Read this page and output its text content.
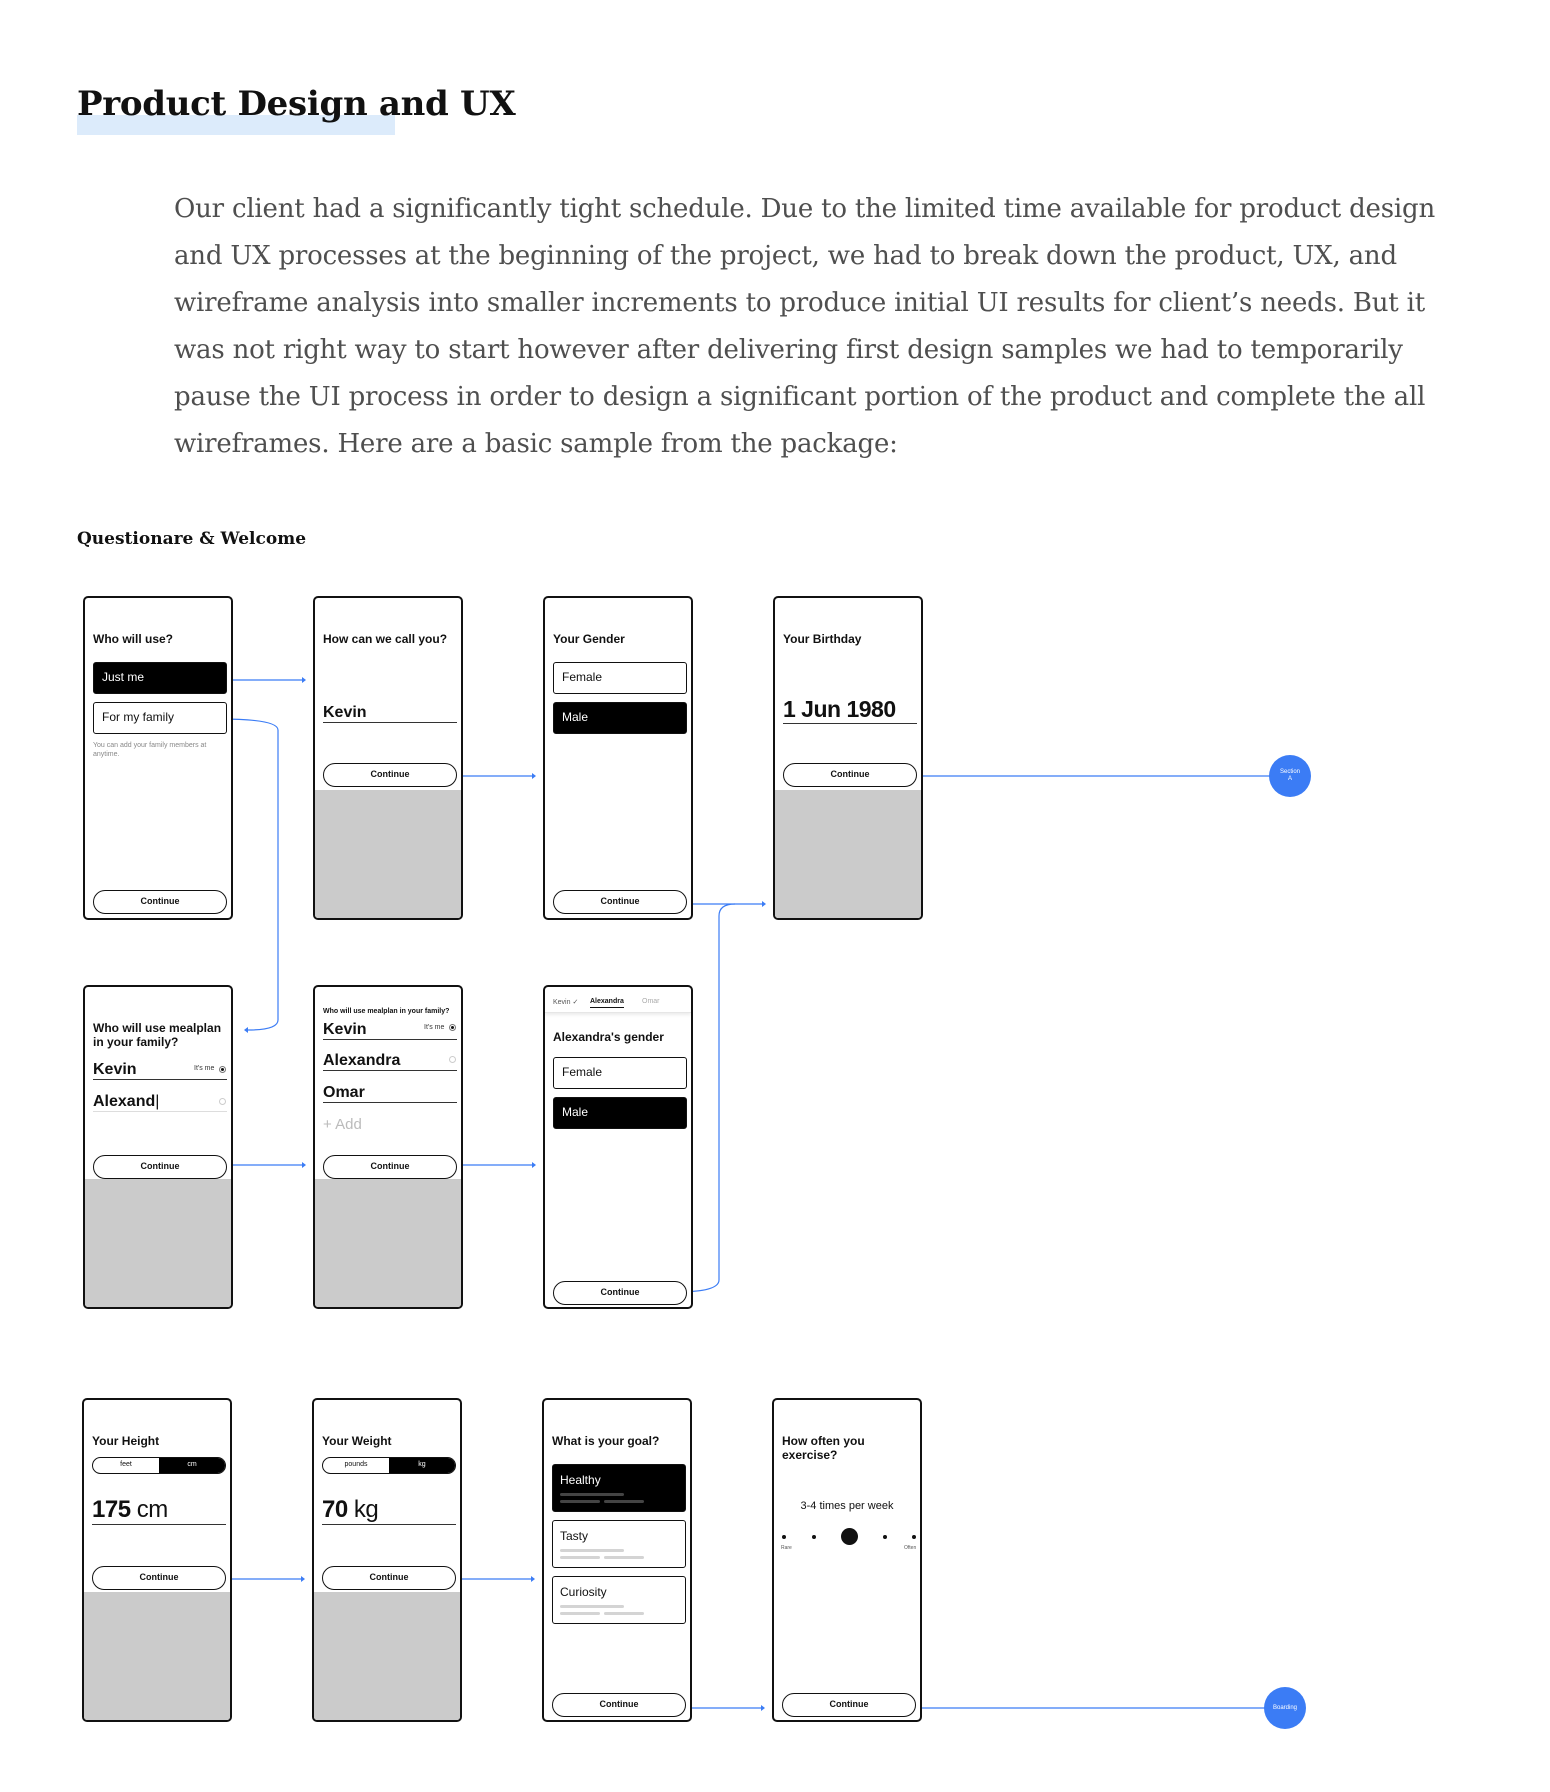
Product Design and UX

Our client had a significantly tight schedule. Due to the limited time available for product design and UX processes at the beginning of the project, we had to break down the product, UX, and wireframe analysis into smaller increments to produce initial UI results for client’s needs. But it was not right way to start however after delivering first design samples we had to temporarily pause the UI process in order to design a significant portion of the product and complete the all wireframes. Here are a basic sample from the package:

Questionare & Welcome
Who will use?
Just me
For my family
You can add your family members at anytime.
Continue
How can we call you?
Kevin
Continue
Your Gender
Female
Male
Continue
Your Birthday
1 Jun 1980
Continue	Section
A
Who will use mealplan in your family?
Kevin	It's me
Alexand|
Continue
Who will use mealplan in your family?
Kevin	It's me
Alexandra
Omar
+ Add
Continue
Kevin ✓ Alexandra	Omar
Alexandra's gender
Female
Male
Continue
Your Height
feet	cm
175 cm
Continue
Your Weight
pounds	kg
70 kg
Continue
What is your goal?
Healthy
Tasty
Curiosity
Continue
How often you exercise?
3-4 times per week
Rare	Often
Continue	Boarding
